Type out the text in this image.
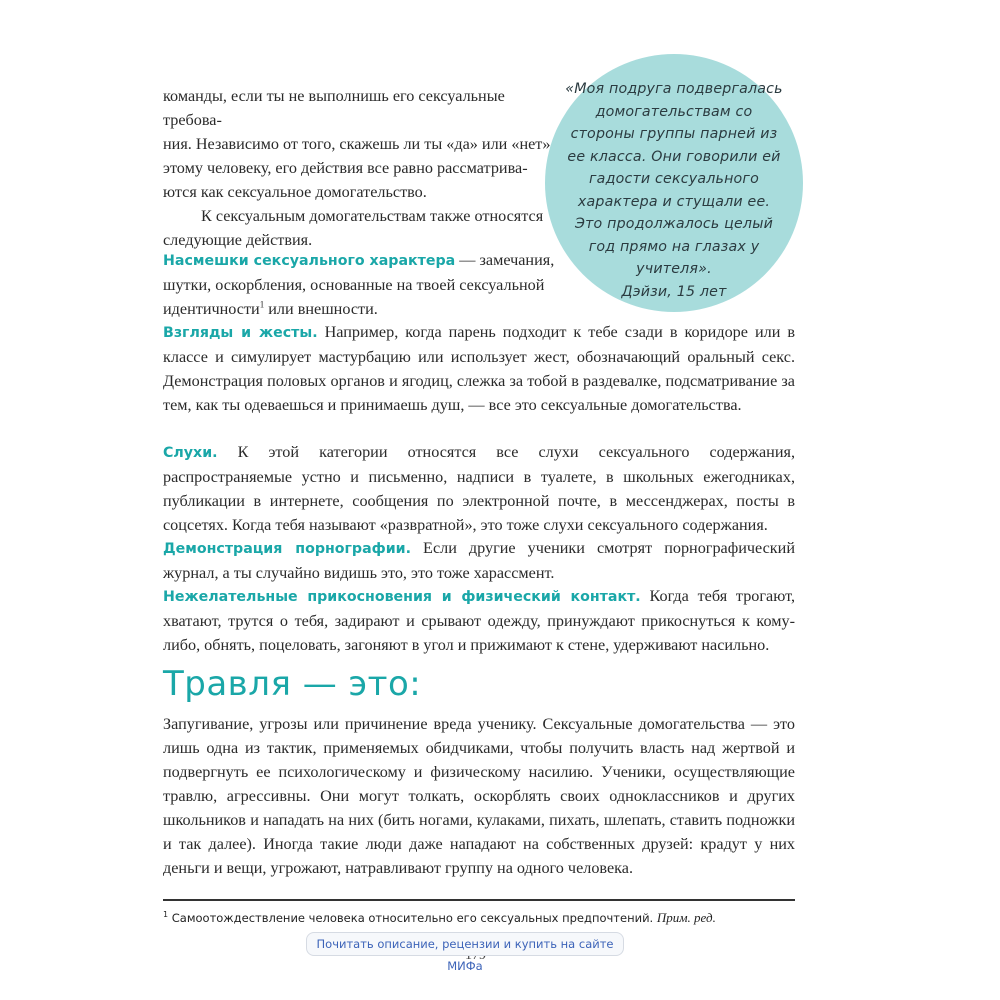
«Моя подруга подвергалась домогательствам со стороны группы парней из ее класса. Они говорили ей гадости сексуального характера и стущали ее. Это продолжалось целый год прямо на глазах у учителя».
Дэйзи, 15 лет
команды, если ты не выполнишь его сексуальные требова-
ния. Независимо от того, скажешь ли ты «да» или «нет»
этому человеку, его действия все равно рассматрива-
ются как сексуальное домогательство.
К сексуальным домогательствам также относятся
следующие действия.
Насмешки сексуального характера — замечания,
шутки, оскорбления, основанные на твоей сексуальной
идентичности$^1$ или внешности.
Взгляды и жесты. Например, когда парень подходит к тебе сзади в коридоре или в классе и симулирует мастурбацию или использует жест, обозначающий оральный секс. Демонстрация половых органов и ягодиц, слежка за тобой в раздевалке, подсматривание за тем, как ты одеваешься и принимаешь душ, — все это сексуальные домогательства.
Слухи. К этой категории относятся все слухи сексуального содержания, распространяемые устно и письменно, надписи в туалете, в школьных ежегодниках, публикации в интернете, сообщения по электронной почте, в мессенджерах, посты в соцсетях. Когда тебя называют «развратной», это тоже слухи сексуального содержания.
Демонстрация порнографии. Если другие ученики смотрят порнографический журнал, а ты случайно видишь это, это тоже харассмент.
Нежелательные прикосновения и физический контакт. Когда тебя трогают, хватают, трутся о тебя, задирают и срывают одежду, принуждают прикоснуться к кому-либо, обнять, поцеловать, загоняют в угол и прижимают к стене, удерживают насильно.
Травля — это:
Запугивание, угрозы или причинение вреда ученику. Сексуальные домогательства — это лишь одна из тактик, применяемых обидчиками, чтобы получить власть над жертвой и подвергнуть ее психологическому и физическому насилию. Ученики, осуществляющие травлю, агрессивны. Они могут толкать, оскорблять своих одноклассников и других школьников и нападать на них (бить ногами, кулаками, пихать, шлепать, ставить подножки и так далее). Иногда такие люди даже нападают на собственных друзей: крадут у них деньги и вещи, угрожают, натравливают группу на одного человека.
$^1$ Самоотождествление человека относительно его сексуальных предпочтений. Прим. ред.
Почитать описание, рецензии и купить на сайте МИФа
